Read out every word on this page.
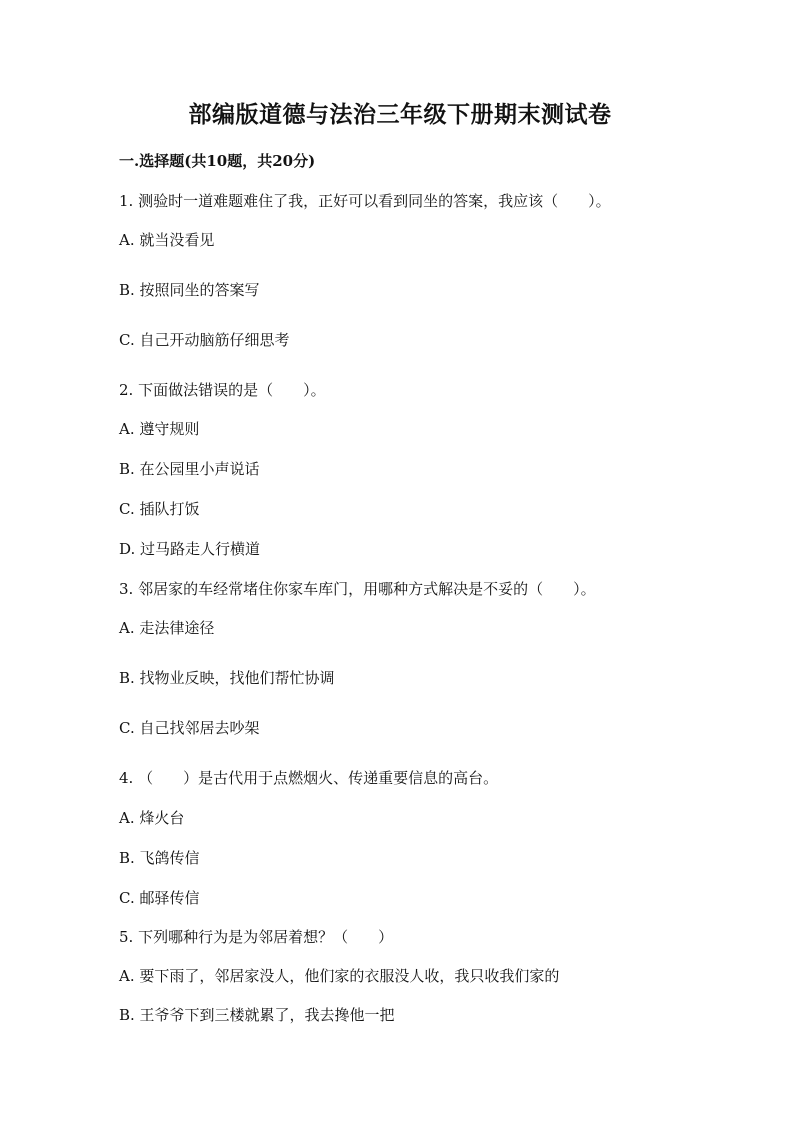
部编版道德与法治三年级下册期末测试卷
一.选择题(共10题，共20分)
1. 测验时一道难题难住了我，正好可以看到同坐的答案，我应该（　　）。
A. 就当没看见
B. 按照同坐的答案写
C. 自己开动脑筋仔细思考
2. 下面做法错误的是（　　）。
A. 遵守规则
B. 在公园里小声说话
C. 插队打饭
D. 过马路走人行横道
3. 邻居家的车经常堵住你家车库门，用哪种方式解决是不妥的（　　）。
A. 走法律途径
B. 找物业反映，找他们帮忙协调
C. 自己找邻居去吵架
4. （　　）是古代用于点燃烟火、传递重要信息的高台。
A. 烽火台
B. 飞鸽传信
C. 邮驿传信
5. 下列哪种行为是为邻居着想？（　　）
A. 要下雨了，邻居家没人，他们家的衣服没人收，我只收我们家的
B. 王爷爷下到三楼就累了，我去搀他一把
